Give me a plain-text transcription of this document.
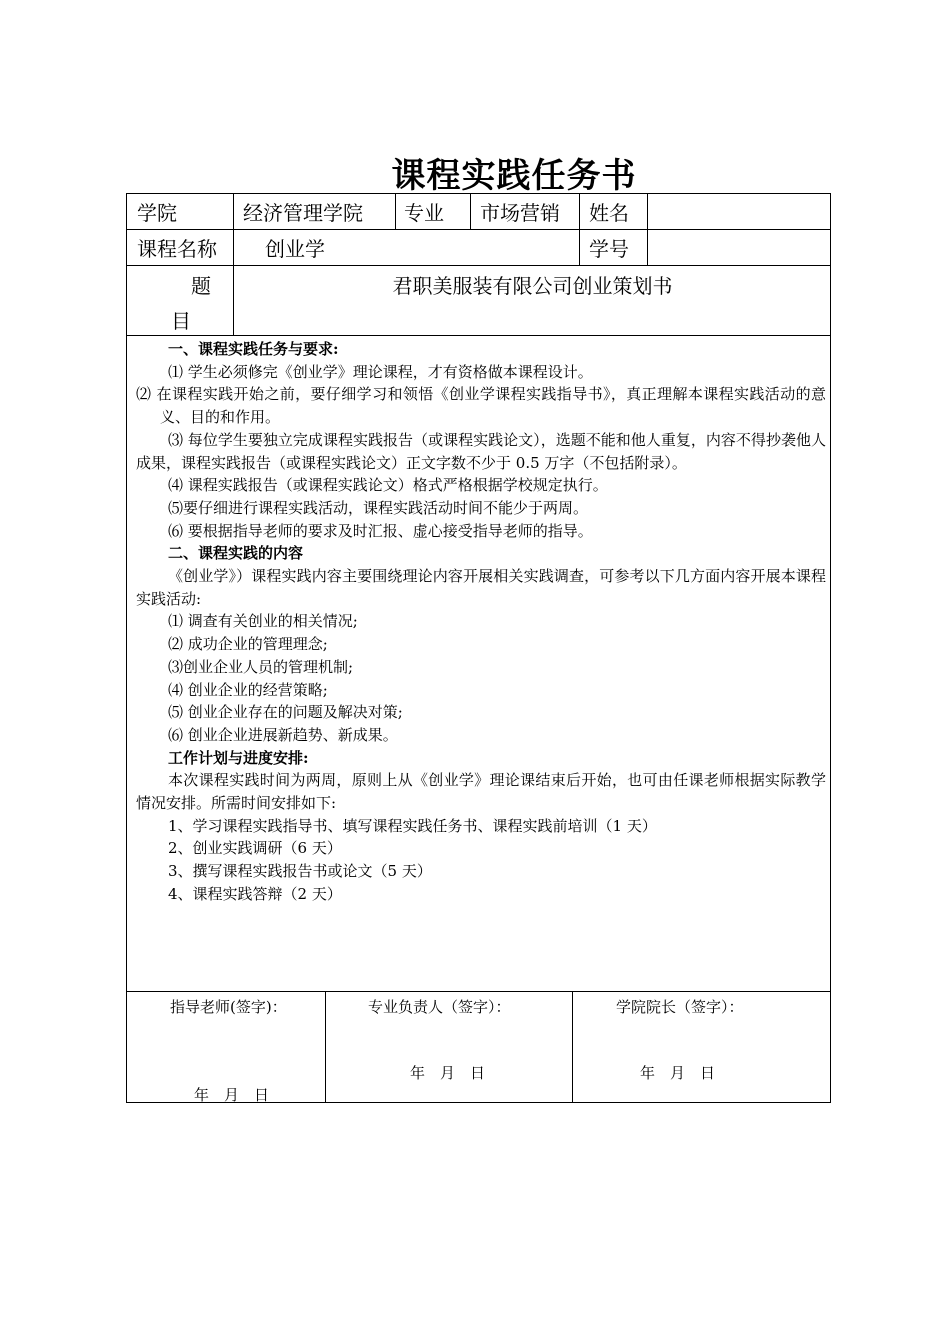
课程实践任务书
学院	经济管理学院 专业 市场营销 姓名
课程名称 创业学	学号
题
目
君职美服装有限公司创业策划书

一、课程实践任务与要求:

⑴ 学生必须修完《创业学》理论课程，才有资格做本课程设计。

⑵ 在课程实践开始之前，要仔细学习和领悟《创业学课程实践指导书》，真正理解本课程实践活动的意义、目的和作用。

⑶ 每位学生要独立完成课程实践报告（或课程实践论文），选题不能和他人重复，内容不得抄袭他人成果，课程实践报告（或课程实践论文）正文字数不少于 0.5 万字（不包括附录）。

⑷ 课程实践报告（或课程实践论文）格式严格根据学校规定执行。

⑸要仔细进行课程实践活动，课程实践活动时间不能少于两周。

⑹ 要根据指导老师的要求及时汇报、虚心接受指导老师的指导。

二、课程实践的内容

《创业学》）课程实践内容主要围绕理论内容开展相关实践调查，可参考以下几方面内容开展本课程实践活动:

⑴ 调查有关创业的相关情况;

⑵ 成功企业的管理理念;

⑶创业企业人员的管理机制;

⑷ 创业企业的经营策略;

⑸ 创业企业存在的问题及解决对策;

⑹ 创业企业进展新趋势、新成果。

工作计划与进度安排:

本次课程实践时间为两周，原则上从《创业学》理论课结束后开始，也可由任课老师根据实际教学情况安排。所需时间安排如下:

1、学习课程实践指导书、填写课程实践任务书、课程实践前培训（1 天）

2、创业实践调研（6 天）

3、撰写课程实践报告书或论文（5 天）

4、课程实践答辩（2 天）

指导老师(签字)：
年　月　日
专业负责人（签字）：
年　月　日
学院院长（签字）：
年　月　日
